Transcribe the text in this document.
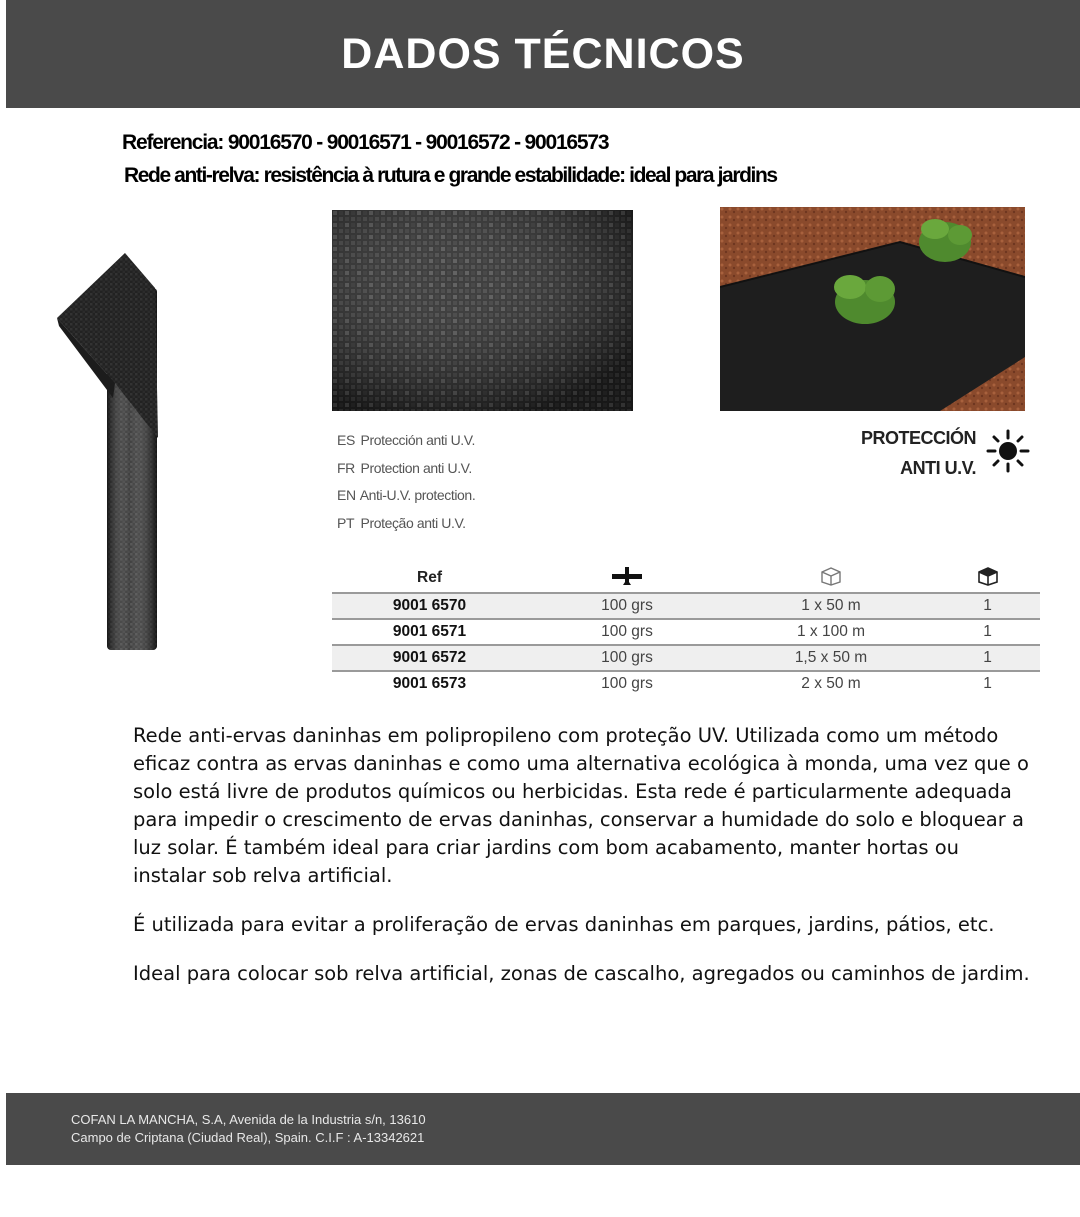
DADOS TÉCNICOS
Referencia: 90016570 - 90016571 - 90016572 - 90016573
Rede anti-relva: resistência à rutura e grande estabilidade: ideal para jardins
ES Protección anti U.V.
FR Protection anti U.V.
EN Anti-U.V. protection.
PT Proteção anti U.V.
PROTECCIÓN
ANTI U.V.
Ref			
9001 6570	100 grs	1 x 50 m	1
9001 6571	100 grs	1 x 100 m	1
9001 6572	100 grs	1,5 x 50 m	1
9001 6573	100 grs	2 x 50 m	1

Rede anti-ervas daninhas em polipropileno com proteção UV. Utilizada como um método eficaz contra as ervas daninhas e como uma alternativa ecológica à monda, uma vez que o solo está livre de produtos químicos ou herbicidas. Esta rede é particularmente adequada para impedir o crescimento de ervas daninhas, conservar a humidade do solo e bloquear a luz solar. É também ideal para criar jardins com bom acabamento, manter hortas ou instalar sob relva artificial.

É utilizada para evitar a proliferação de ervas daninhas em parques, jardins, pátios, etc.

Ideal para colocar sob relva artificial, zonas de cascalho, agregados ou caminhos de jardim.

COFAN LA MANCHA, S.A, Avenida de la Industria s/n, 13610
Campo de Criptana (Ciudad Real), Spain. C.I.F : A-13342621
